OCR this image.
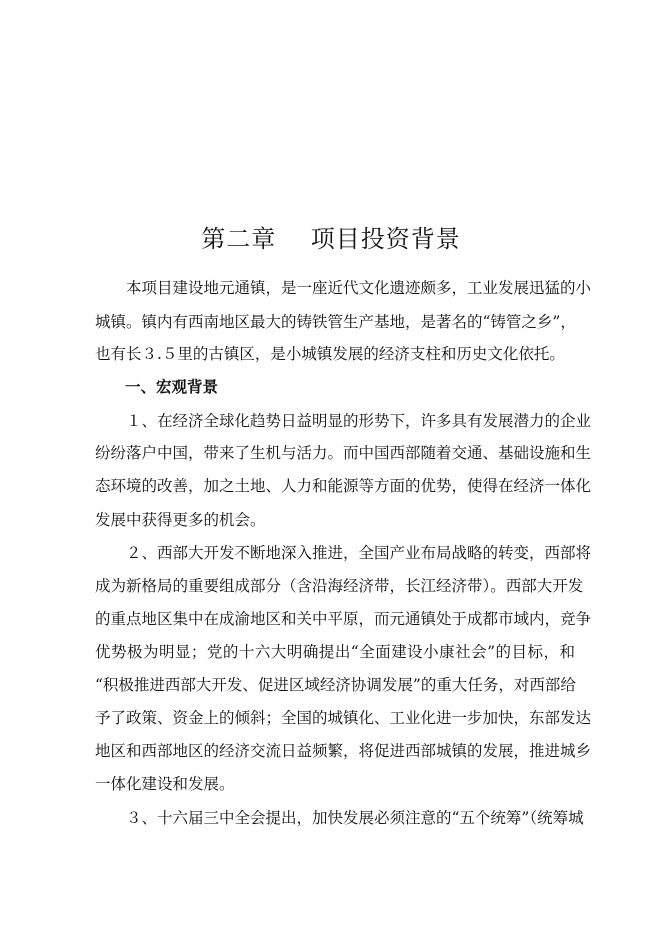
第二章    项目投资背景
　　本项目建设地元通镇，是一座近代文化遗迹颇多，工业发展迅猛的小
城镇。镇内有西南地区最大的铸铁管生产基地，是著名的“铸管之乡”，
也有长３.５里的古镇区，是小城镇发展的经济支柱和历史文化依托。
一、宏观背景
　　１、在经济全球化趋势日益明显的形势下，许多具有发展潜力的企业
纷纷落户中国，带来了生机与活力。而中国西部随着交通、基础设施和生
态环境的改善，加之土地、人力和能源等方面的优势，使得在经济一体化
发展中获得更多的机会。
　　２、西部大开发不断地深入推进，全国产业布局战略的转变，西部将
成为新格局的重要组成部分（含沿海经济带，长江经济带）。西部大开发
的重点地区集中在成渝地区和关中平原，而元通镇处于成都市域内，竞争
优势极为明显；党的十六大明确提出“全面建设小康社会”的目标，和
“积极推进西部大开发、促进区域经济协调发展”的重大任务，对西部给
予了政策、资金上的倾斜；全国的城镇化、工业化进一步加快，东部发达
地区和西部地区的经济交流日益频繁，将促进西部城镇的发展，推进城乡
一体化建设和发展。
　　３、十六届三中全会提出，加快发展必须注意的“五个统筹”（统筹城
